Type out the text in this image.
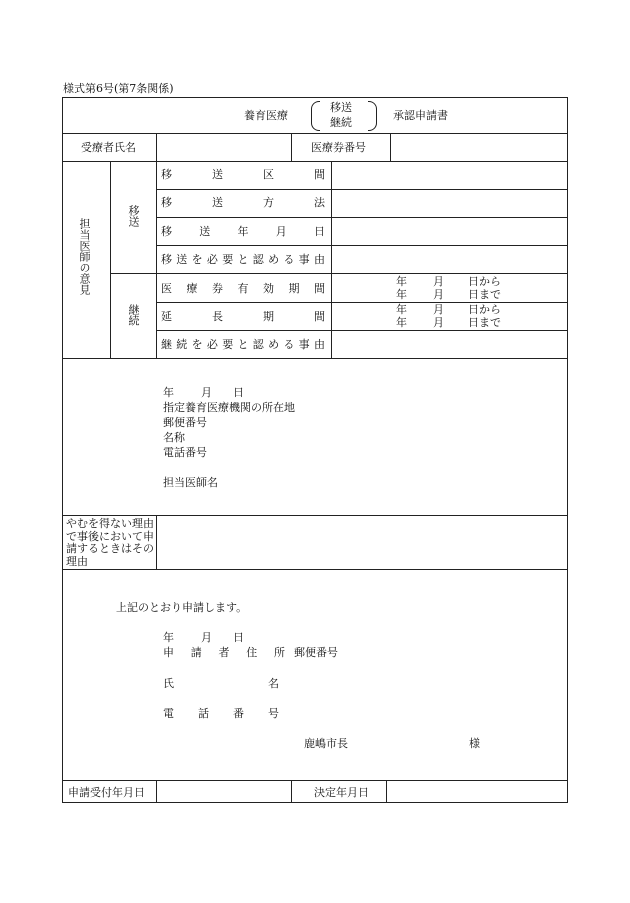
様式第6号(第7条関係)
養育医療
移送
継続
承認申請書
受療者氏名	医療券番号
担当医師の意見
移送
継続
移	送	区	間
移	送	方	法
移 送 年 月 日
移 送 を 必 要 と 認 め る 事 由
医 療 券 有 効 期 間
年 月 日から
年 月 日まで
延	長	期	間
年 月 日から
年 月 日まで
継 続 を 必 要 と 認 め る 事 由
年 月 日
指定養育医療機関の所在地
郵便番号
名称
電話番号
担当医師名
やむを得ない理由で事後において申請するときはその理由
上記のとおり申請します。
年 月 日
申 請 者 住 所 郵便番号
氏	名
電 話 番 号
鹿嶋市長	様
申請受付年月日	決定年月日
